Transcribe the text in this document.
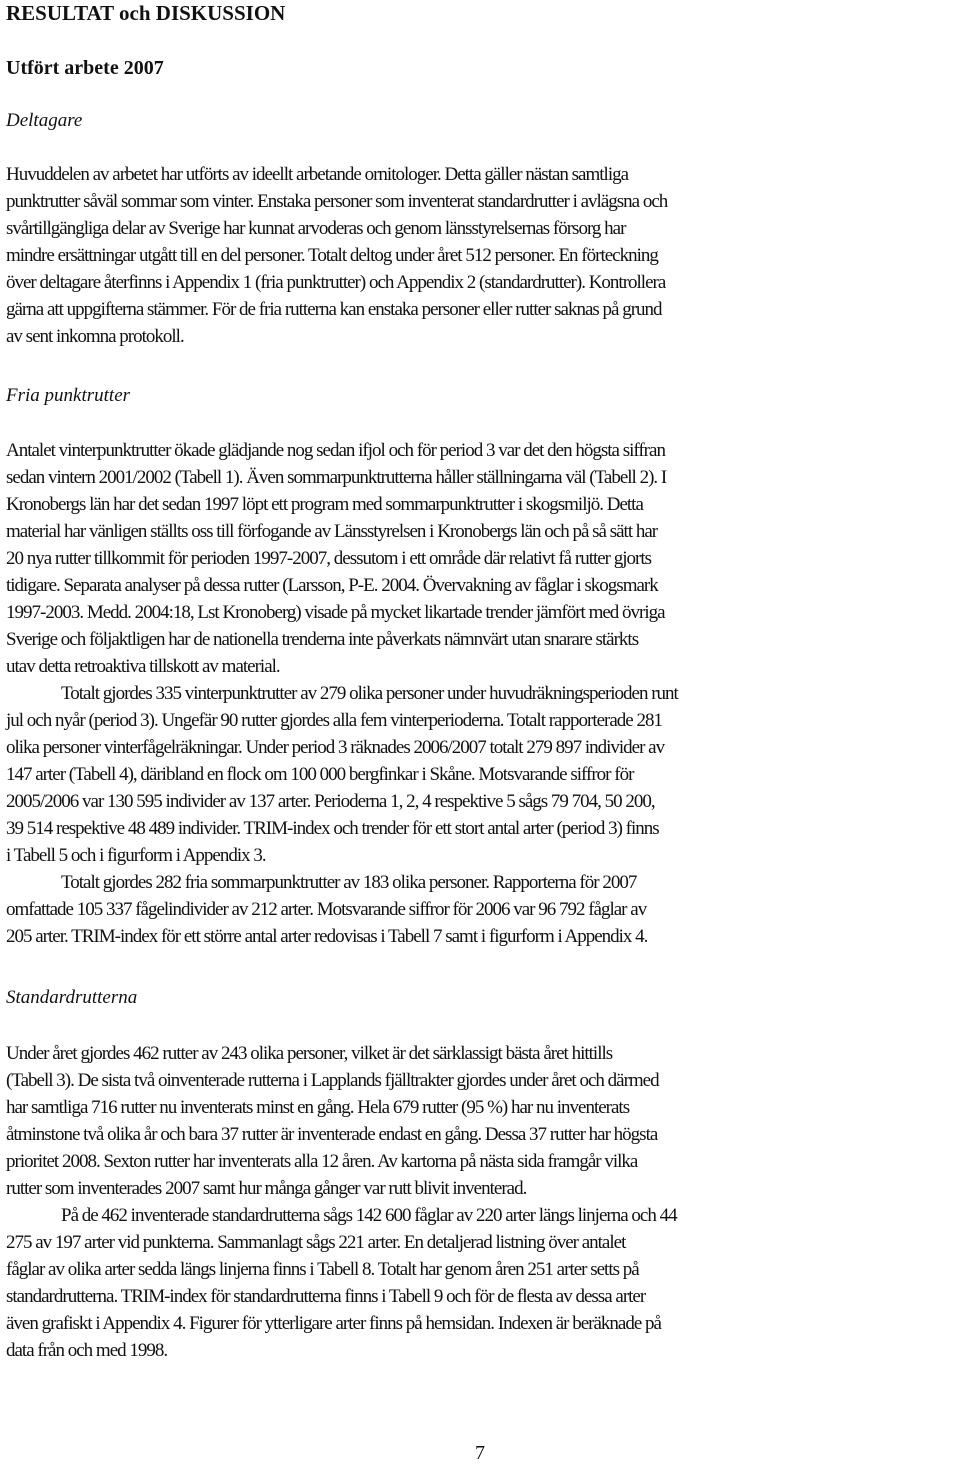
RESULTAT och DISKUSSION
Utfört arbete 2007
Deltagare
Huvuddelen av arbetet har utförts av ideellt arbetande ornitologer. Detta gäller nästan samtliga
punktrutter såväl sommar som vinter. Enstaka personer som inventerat standardrutter i avlägsna och
svårtillgängliga delar av Sverige har kunnat arvoderas och genom länsstyrelsernas försorg har
mindre ersättningar utgått till en del personer. Totalt deltog under året 512 personer. En förteckning
över deltagare återfinns i Appendix 1 (fria punktrutter) och Appendix 2 (standardrutter). Kontrollera
gärna att uppgifterna stämmer. För de fria rutterna kan enstaka personer eller rutter saknas på grund
av sent inkomna protokoll.
Fria punktrutter
Antalet vinterpunktrutter ökade glädjande nog sedan ifjol och för period 3 var det den högsta siffran
sedan vintern 2001/2002 (Tabell 1). Även sommarpunktrutterna håller ställningarna väl (Tabell 2). I
Kronobergs län har det sedan 1997 löpt ett program med sommarpunktrutter i skogsmiljö. Detta
material har vänligen ställts oss till förfogande av Länsstyrelsen i Kronobergs län och på så sätt har
20 nya rutter tillkommit för perioden 1997-2007, dessutom i ett område där relativt få rutter gjorts
tidigare. Separata analyser på dessa rutter (Larsson, P-E. 2004. Övervakning av fåglar i skogsmark
1997-2003. Medd. 2004:18, Lst Kronoberg) visade på mycket likartade trender jämfört med övriga
Sverige och följaktligen har de nationella trenderna inte påverkats nämnvärt utan snarare stärkts
utav detta retroaktiva tillskott av material.
Totalt gjordes 335 vinterpunktrutter av 279 olika personer under huvudräkningsperioden runt
jul och nyår (period 3). Ungefär 90 rutter gjordes alla fem vinterperioderna. Totalt rapporterade 281
olika personer vinterfågelräkningar. Under period 3 räknades 2006/2007 totalt 279 897 individer av
147 arter (Tabell 4), däribland en flock om 100 000 bergfinkar i Skåne. Motsvarande siffror för
2005/2006 var 130 595 individer av 137 arter. Perioderna 1, 2, 4 respektive 5 sågs 79 704, 50 200,
39 514 respektive 48 489 individer. TRIM-index och trender för ett stort antal arter (period 3) finns
i Tabell 5 och i figurform i Appendix 3.
Totalt gjordes 282 fria sommarpunktrutter av 183 olika personer. Rapporterna för 2007
omfattade 105 337 fågelindivider av 212 arter. Motsvarande siffror för 2006 var 96 792 fåglar av
205 arter. TRIM-index för ett större antal arter redovisas i Tabell 7 samt i figurform i Appendix 4.
Standardrutterna
Under året gjordes 462 rutter av 243 olika personer, vilket är det särklassigt bästa året hittills
(Tabell 3). De sista två oinventerade rutterna i Lapplands fjälltrakter gjordes under året och därmed
har samtliga 716 rutter nu inventerats minst en gång. Hela 679 rutter (95 %) har nu inventerats
åtminstone två olika år och bara 37 rutter är inventerade endast en gång. Dessa 37 rutter har högsta
prioritet 2008. Sexton rutter har inventerats alla 12 åren. Av kartorna på nästa sida framgår vilka
rutter som inventerades 2007 samt hur många gånger var rutt blivit inventerad.
På de 462 inventerade standardrutterna sågs 142 600 fåglar av 220 arter längs linjerna och 44
275 av 197 arter vid punkterna. Sammanlagt sågs 221 arter. En detaljerad listning över antalet
fåglar av olika arter sedda längs linjerna finns i Tabell 8. Totalt har genom åren 251 arter setts på
standardrutterna. TRIM-index för standardrutterna finns i Tabell 9 och för de flesta av dessa arter
även grafiskt i Appendix 4. Figurer för ytterligare arter finns på hemsidan. Indexen är beräknade på
data från och med 1998.
7
